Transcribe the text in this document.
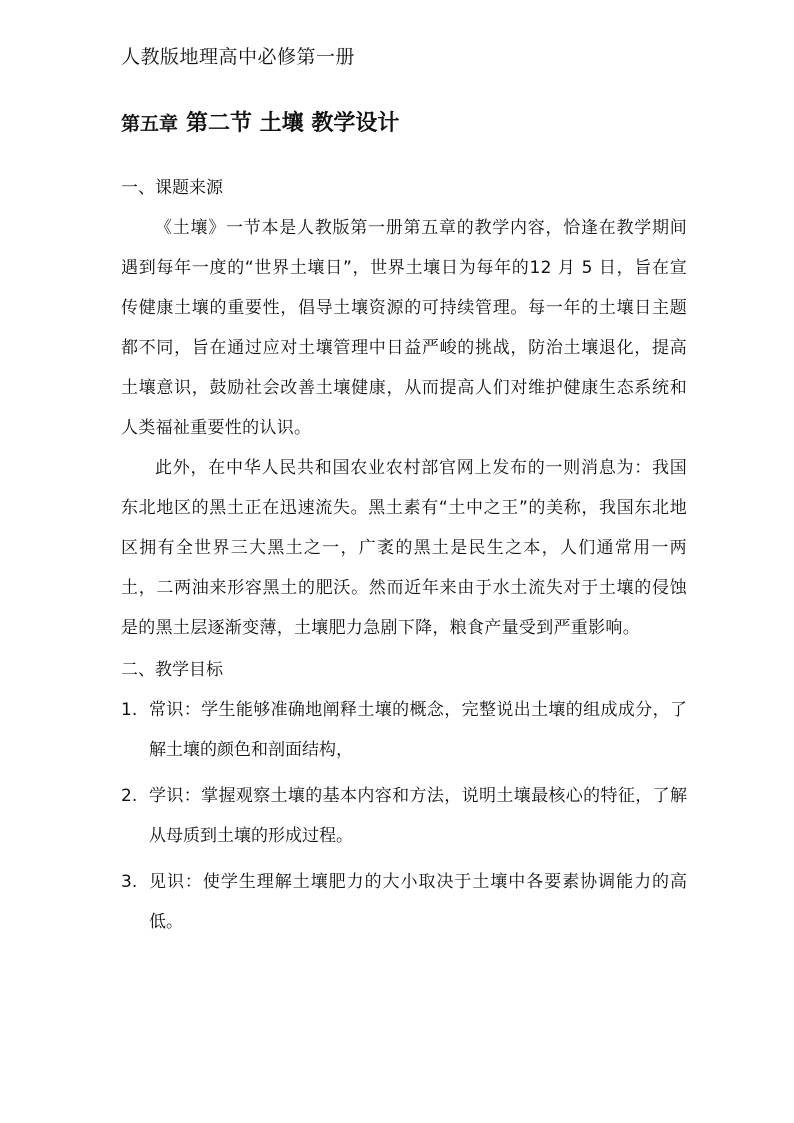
人教版地理高中必修第一册
第五章 第二节 土壤 教学设计

一、课题来源

《土壤》一节本是人教版第一册第五章的教学内容，恰逢在教学期间遇到每年一度的“世界土壤日”，世界土壤日为每年的12 月 5 日，旨在宣传健康土壤的重要性，倡导土壤资源的可持续管理。每一年的土壤日主题都不同，旨在通过应对土壤管理中日益严峻的挑战，防治土壤退化，提高土壤意识，鼓励社会改善土壤健康，从而提高人们对维护健康生态系统和人类福祉重要性的认识。

此外，在中华人民共和国农业农村部官网上发布的一则消息为：我国东北地区的黑土正在迅速流失。黑土素有“土中之王”的美称，我国东北地区拥有全世界三大黑土之一，广袤的黑土是民生之本，人们通常用一两土，二两油来形容黑土的肥沃。然而近年来由于水土流失对于土壤的侵蚀是的黑土层逐渐变薄，土壤肥力急剧下降，粮食产量受到严重影响。

二、教学目标

1. 常识：学生能够准确地阐释土壤的概念，完整说出土壤的组成成分，了解土壤的颜色和剖面结构，
2. 学识：掌握观察土壤的基本内容和方法，说明土壤最核心的特征，了解从母质到土壤的形成过程。
3. 见识：使学生理解土壤肥力的大小取决于土壤中各要素协调能力的高低。
